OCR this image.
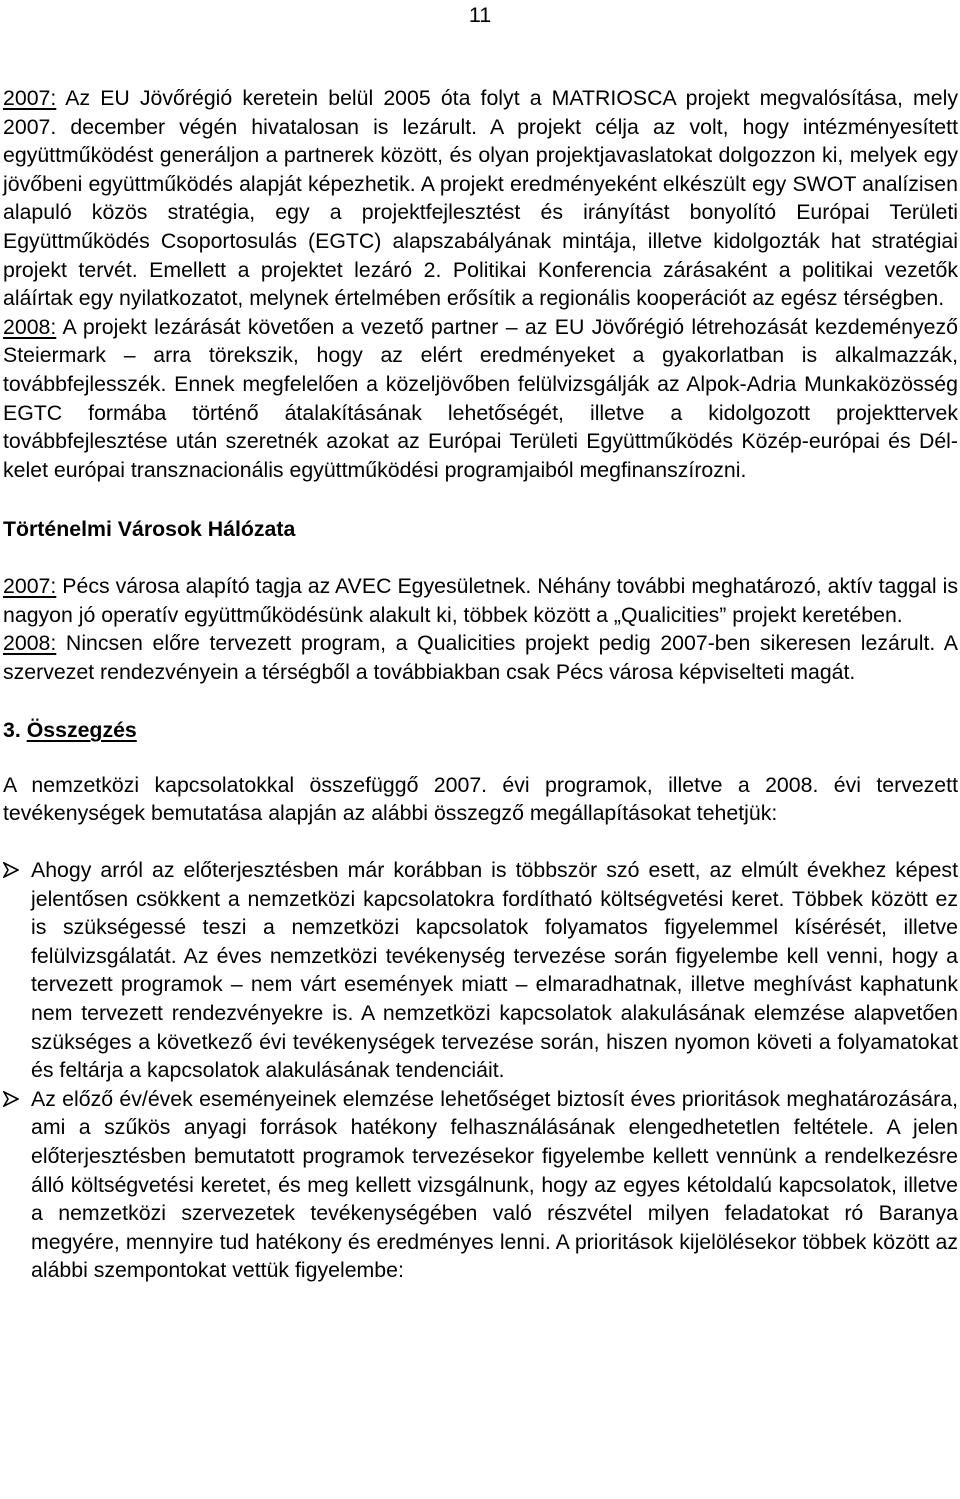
11

2007: Az EU Jövőrégió keretein belül 2005 óta folyt a MATRIOSCA projekt megvalósítása, mely 2007. december végén hivatalosan is lezárult. A projekt célja az volt, hogy intézményesített együttműködést generáljon a partnerek között, és olyan projektjavaslatokat dolgozzon ki, melyek egy jövőbeni együttműködés alapját képezhetik. A projekt eredményeként elkészült egy SWOT analízisen alapuló közös stratégia, egy a projektfejlesztést és irányítást bonyolító Európai Területi Együttműködés Csoportosulás (EGTC) alapszabályának mintája, illetve kidolgozták hat stratégiai projekt tervét. Emellett a projektet lezáró 2. Politikai Konferencia zárásaként a politikai vezetők aláírtak egy nyilatkozatot, melynek értelmében erősítik a regionális kooperációt az egész térségben.

2008: A projekt lezárását követően a vezető partner – az EU Jövőrégió létrehozását kezdeményező Steiermark – arra törekszik, hogy az elért eredményeket a gyakorlatban is alkalmazzák, továbbfejlesszék. Ennek megfelelően a közeljövőben felülvizsgálják az Alpok-Adria Munkaközösség EGTC formába történő átalakításának lehetőségét, illetve a kidolgozott projekttervek továbbfejlesztése után szeretnék azokat az Európai Területi Együttműködés Közép-európai és Dél-kelet európai transznacionális együttműködési programjaiból megfinanszírozni.

Történelmi Városok Hálózata

2007: Pécs városa alapító tagja az AVEC Egyesületnek. Néhány további meghatározó, aktív taggal is nagyon jó operatív együttműködésünk alakult ki, többek között a „Qualicities” projekt keretében.

2008: Nincsen előre tervezett program, a Qualicities projekt pedig 2007-ben sikeresen lezárult. A szervezet rendezvényein a térségből a továbbiakban csak Pécs városa képviselteti magát.

3. Összegzés

A nemzetközi kapcsolatokkal összefüggő 2007. évi programok, illetve a 2008. évi tervezett tevékenységek bemutatása alapján az alábbi összegző megállapításokat tehetjük:

Ahogy arról az előterjesztésben már korábban is többször szó esett, az elmúlt évekhez képest jelentősen csökkent a nemzetközi kapcsolatokra fordítható költségvetési keret. Többek között ez is szükségessé teszi a nemzetközi kapcsolatok folyamatos figyelemmel kísérését, illetve felülvizsgálatát. Az éves nemzetközi tevékenység tervezése során figyelembe kell venni, hogy a tervezett programok – nem várt események miatt – elmaradhatnak, illetve meghívást kaphatunk nem tervezett rendezvényekre is. A nemzetközi kapcsolatok alakulásának elemzése alapvetően szükséges a következő évi tevékenységek tervezése során, hiszen nyomon követi a folyamatokat és feltárja a kapcsolatok alakulásának tendenciáit.
Az előző év/évek eseményeinek elemzése lehetőséget biztosít éves prioritások meghatározására, ami a szűkös anyagi források hatékony felhasználásának elengedhetetlen feltétele. A jelen előterjesztésben bemutatott programok tervezésekor figyelembe kellett vennünk a rendelkezésre álló költségvetési keretet, és meg kellett vizsgálnunk, hogy az egyes kétoldalú kapcsolatok, illetve a nemzetközi szervezetek tevékenységében való részvétel milyen feladatokat ró Baranya megyére, mennyire tud hatékony és eredményes lenni. A prioritások kijelölésekor többek között az alábbi szempontokat vettük figyelembe:
